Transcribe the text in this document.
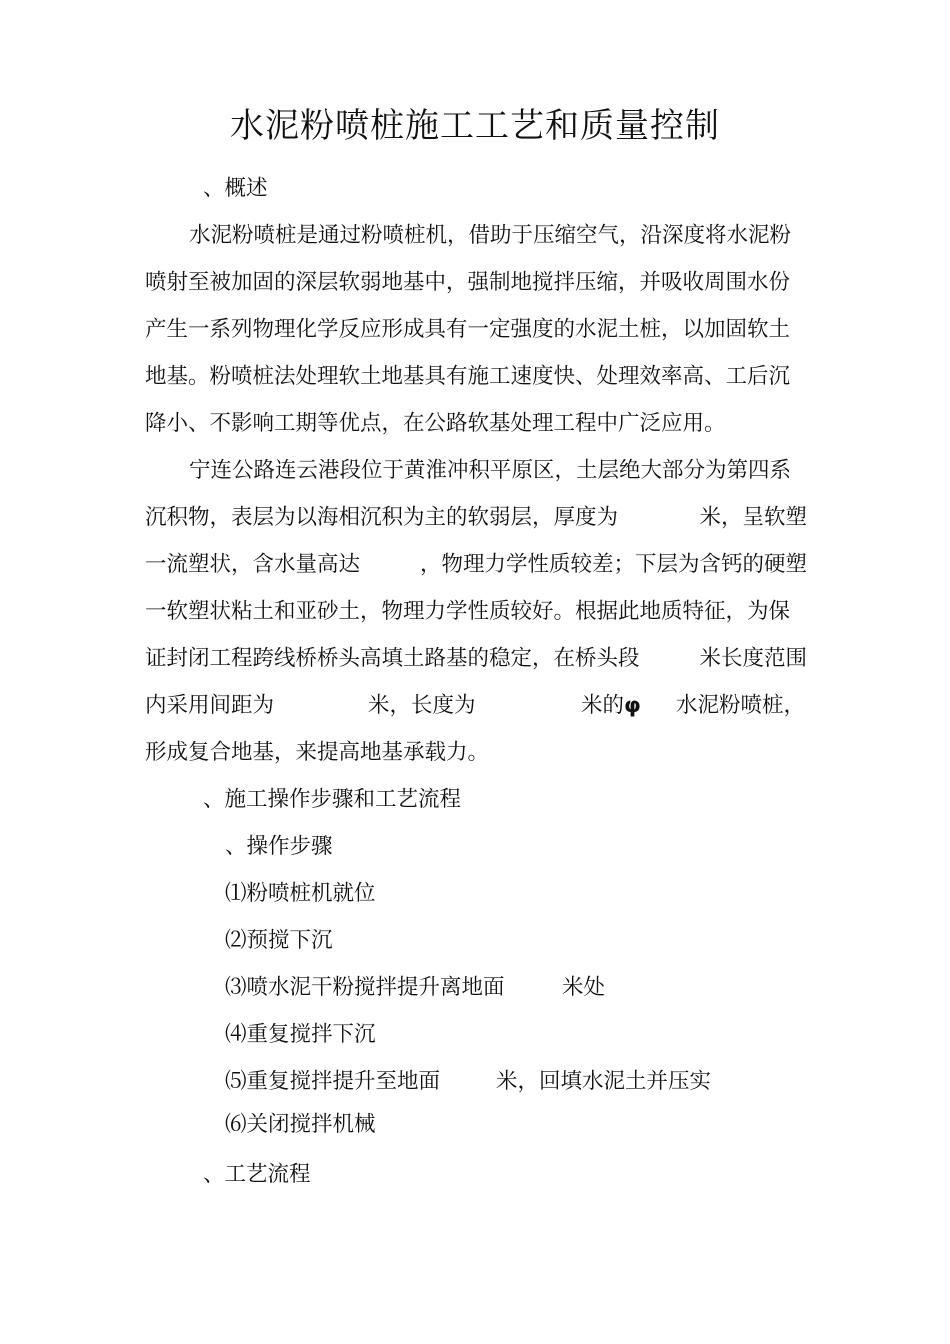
水泥粉喷桩施工工艺和质量控制
、概述
水泥粉喷桩是通过粉喷桩机，借助于压缩空气，沿深度将水泥粉
喷射至被加固的深层软弱地基中，强制地搅拌压缩，并吸收周围水份
产生一系列物理化学反应形成具有一定强度的水泥土桩，以加固软土
地基。粉喷桩法处理软土地基具有施工速度快、处理效率高、工后沉
降小、不影响工期等优点，在公路软基处理工程中广泛应用。
宁连公路连云港段位于黄淮冲积平原区，土层绝大部分为第四系
沉积物，表层为以海相沉积为主的软弱层，厚度为	米，呈软塑
一流塑状，含水量高达	，物理力学性质较差；下层为含钙的硬塑
一软塑状粘土和亚砂土，物理力学性质较好。根据此地质特征，为保
证封闭工程跨线桥桥头高填土路基的稳定，在桥头段	米长度范围
内采用间距为	米，长度为	米的φ 水泥粉喷桩，
形成复合地基，来提高地基承载力。
、施工操作步骤和工艺流程
、操作步骤
⑴粉喷桩机就位
⑵预搅下沉
⑶喷水泥干粉搅拌提升离地面	米处
⑷重复搅拌下沉
⑸重复搅拌提升至地面	米，回填水泥土并压实
⑹关闭搅拌机械
、工艺流程
